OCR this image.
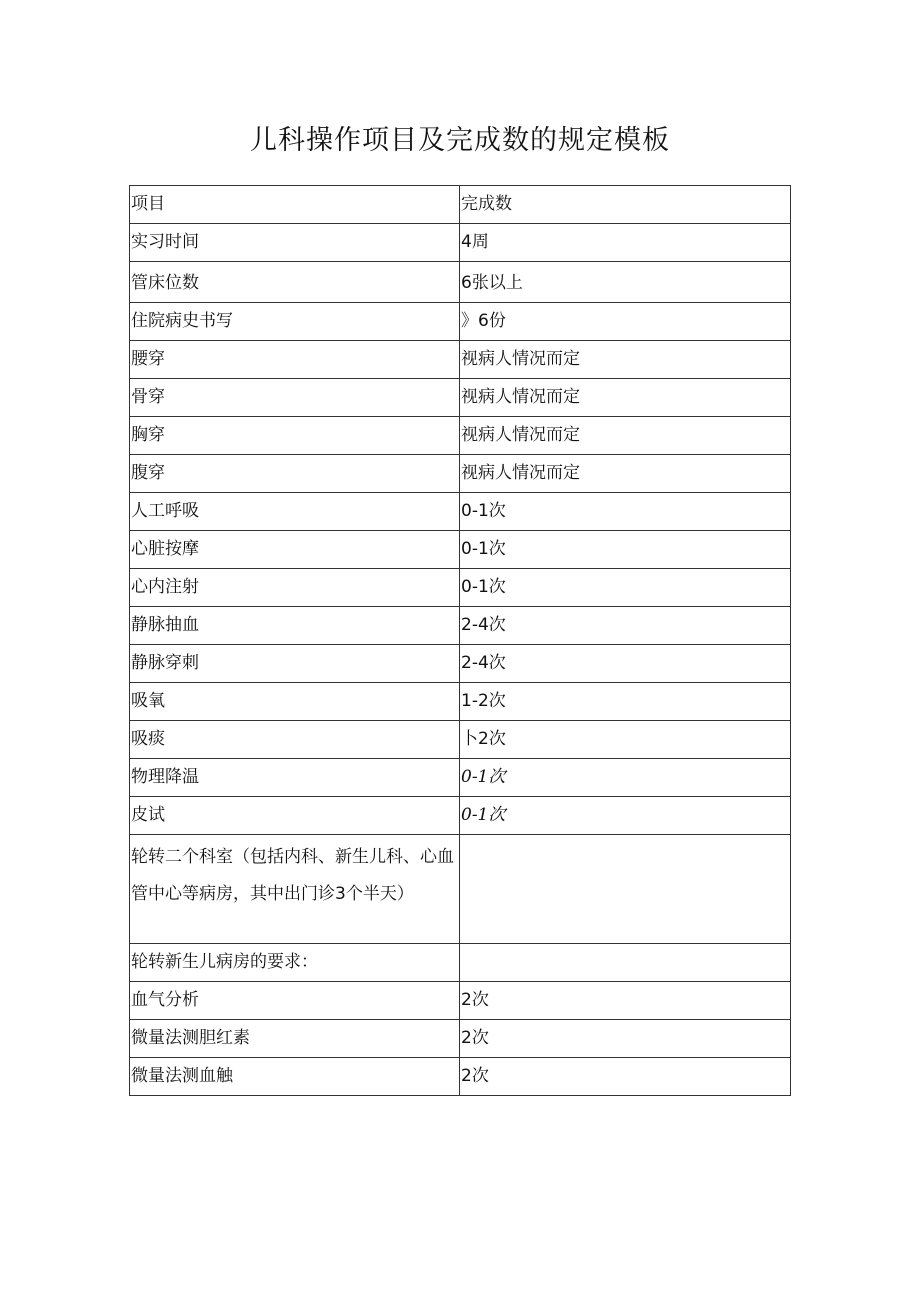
儿科操作项目及完成数的规定模板
项目	完成数
实习时间	4周
管床位数	6张以上
住院病史书写	》6份
腰穿	视病人情况而定
骨穿	视病人情况而定
胸穿	视病人情况而定
腹穿	视病人情况而定
人工呼吸	0-1次
心脏按摩	0-1次
心内注射	0-1次
静脉抽血	2-4次
静脉穿刺	2-4次
吸氧	1-2次
吸痰	卜2次
物理降温	0-1次
皮试	0-1次
轮转二个科室（包括内科、新生儿科、心血管中心等病房，其中出门诊3个半天）	
轮转新生儿病房的要求：	
血气分析	2次
微量法测胆红素	2次
微量法测血触	2次
